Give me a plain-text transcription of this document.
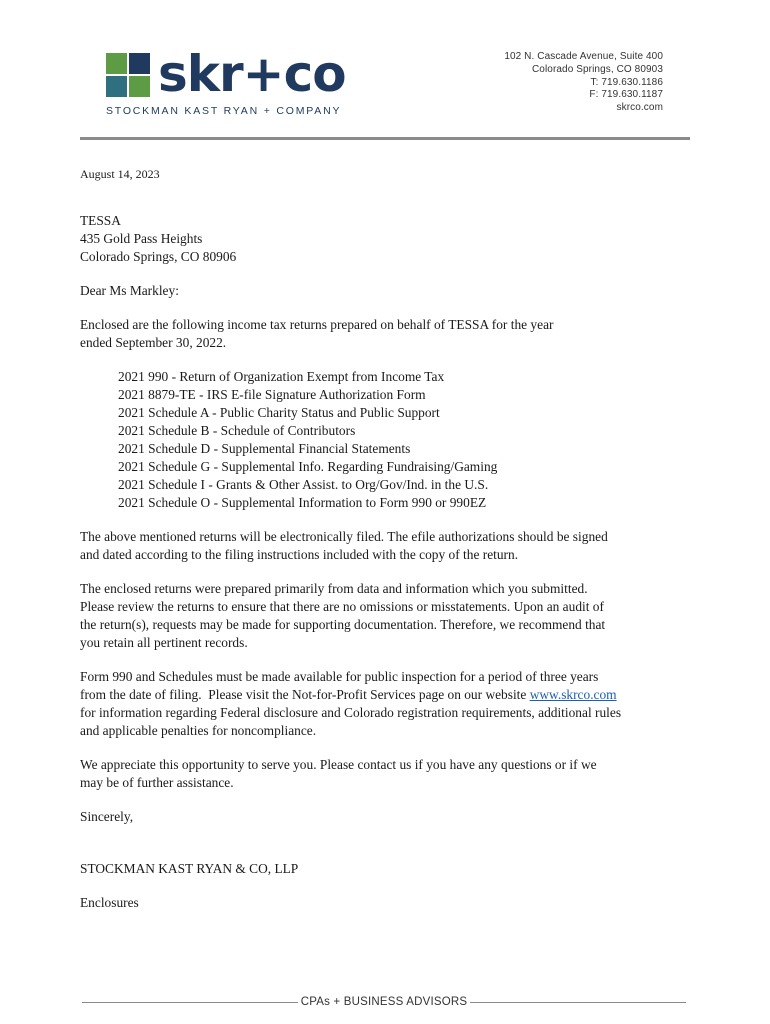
skr+co
STOCKMAN KAST RYAN + COMPANY
102 N. Cascade Avenue, Suite 400
Colorado Springs, CO 80903
T: 719.630.1186
F: 719.630.1187
skrco.com

August 14, 2023

TESSA

435 Gold Pass Heights

Colorado Springs, CO 80906

Dear Ms Markley:

Enclosed are the following income tax returns prepared on behalf of TESSA for the year

ended September 30, 2022.

2021 990 - Return of Organization Exempt from Income Tax
2021 8879-TE - IRS E-file Signature Authorization Form
2021 Schedule A - Public Charity Status and Public Support
2021 Schedule B - Schedule of Contributors
2021 Schedule D - Supplemental Financial Statements
2021 Schedule G - Supplemental Info. Regarding Fundraising/Gaming
2021 Schedule I - Grants & Other Assist. to Org/Gov/Ind. in the U.S.
2021 Schedule O - Supplemental Information to Form 990 or 990EZ

The above mentioned returns will be electronically filed. The efile authorizations should be signed

and dated according to the filing instructions included with the copy of the return.

The enclosed returns were prepared primarily from data and information which you submitted.

Please review the returns to ensure that there are no omissions or misstatements. Upon an audit of

the return(s), requests may be made for supporting documentation. Therefore, we recommend that

you retain all pertinent records.

Form 990 and Schedules must be made available for public inspection for a period of three years

from the date of filing.  Please visit the Not-for-Profit Services page on our website www.skrco.com

for information regarding Federal disclosure and Colorado registration requirements, additional rules

and applicable penalties for noncompliance.

We appreciate this opportunity to serve you. Please contact us if you have any questions or if we

may be of further assistance.

Sincerely,

STOCKMAN KAST RYAN & CO, LLP

Enclosures

CPAs + BUSINESS ADVISORS
